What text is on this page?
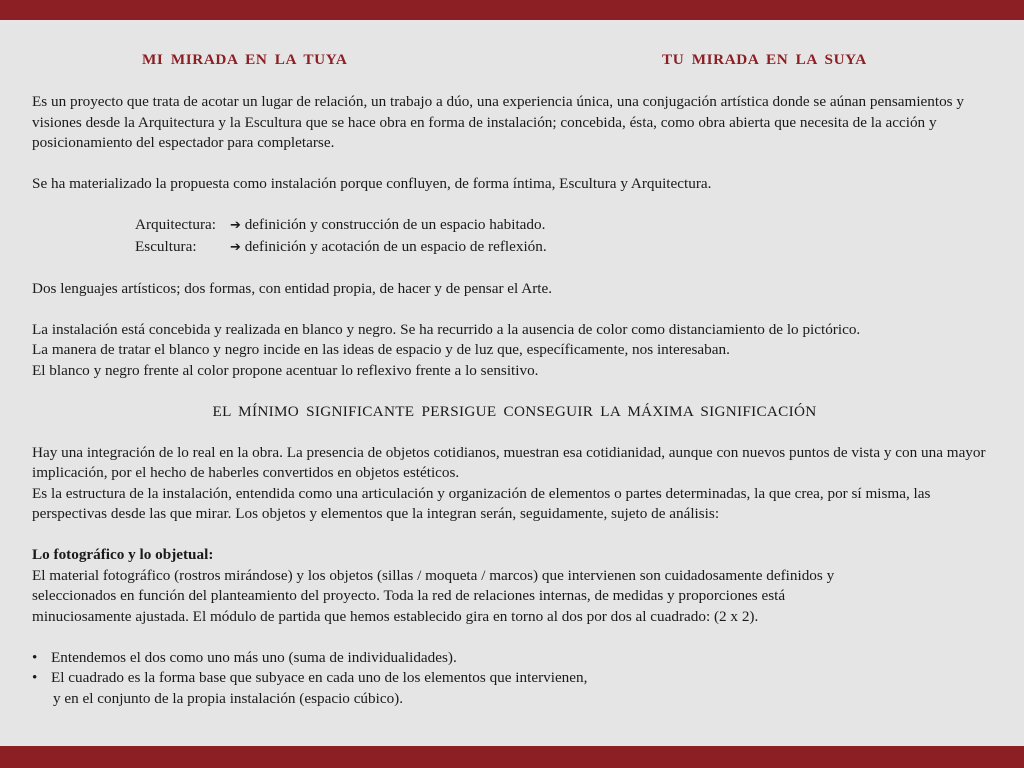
MI MIRADA EN LA TUYA	TU MIRADA EN LA SUYA

Es un proyecto que trata de acotar un lugar de relación, un trabajo a dúo, una experiencia única, una conjugación artística donde se aúnan pensamientos y visiones desde la Arquitectura y la Escultura que se hace obra en forma de instalación; concebida, ésta, como obra abierta que necesita de la acción y posicionamiento del espectador para completarse.

Se ha materializado la propuesta como instalación porque confluyen, de forma íntima, Escultura y Arquitectura.

Arquitectura: ➔ definición y construcción de un espacio habitado.
Escultura:	➔ definición y acotación de un espacio de reflexión.

Dos lenguajes artísticos; dos formas, con entidad propia, de hacer y de pensar el Arte.

La instalación está concebida y realizada en blanco y negro. Se ha recurrido a la ausencia de color como distanciamiento de lo pictórico.

La manera de tratar el blanco y negro incide en las ideas de espacio y de luz que, específicamente, nos interesaban.

El blanco y negro frente al color propone acentuar lo reflexivo frente a lo sensitivo.

EL MÍNIMO SIGNIFICANTE PERSIGUE CONSEGUIR LA MÁXIMA SIGNIFICACIÓN

Hay una integración de lo real en la obra. La presencia de objetos cotidianos, muestran esa cotidianidad, aunque con nuevos puntos de vista y con una mayor implicación, por el hecho de haberles convertidos en objetos estéticos.

Es la estructura de la instalación, entendida como una articulación y organización de elementos o partes determinadas, la que crea, por sí misma, las perspectivas desde las que mirar. Los objetos y elementos que la integran serán, seguidamente, sujeto de análisis:

Lo fotográfico y lo objetual:

El material fotográfico (rostros mirándose) y los objetos (sillas / moqueta / marcos) que intervienen son cuidadosamente definidos y

seleccionados en función del planteamiento del proyecto. Toda la red de relaciones internas, de medidas y proporciones está

minuciosamente ajustada. El módulo de partida que hemos establecido gira en torno al dos por dos al cuadrado: (2 x 2).

• Entendemos el dos como uno más uno (suma de individualidades).
• El cuadrado es la forma base que subyace en cada uno de los elementos que intervienen,

y en el conjunto de la propia instalación (espacio cúbico).
